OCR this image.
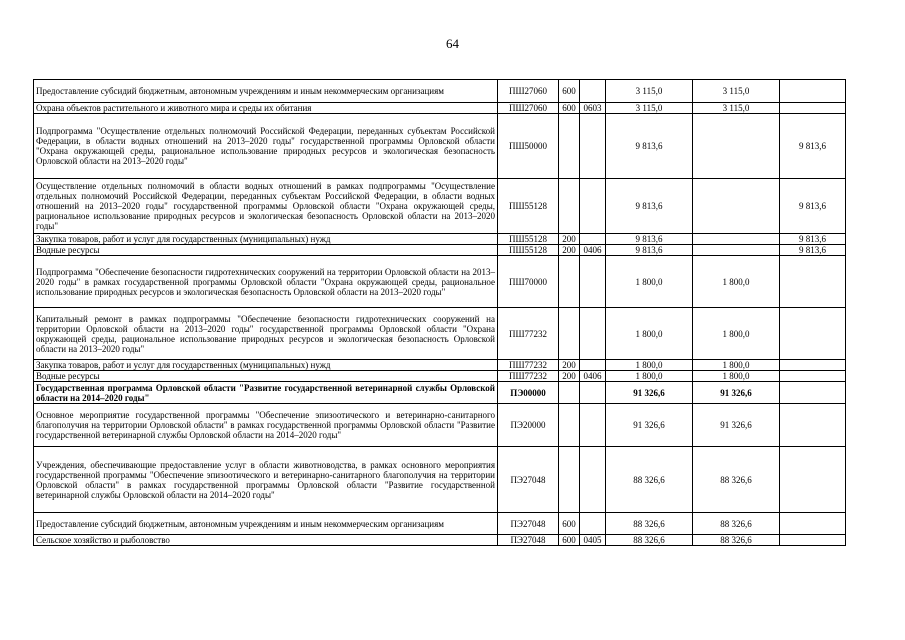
64
Предоставление субсидий бюджетным, автономным учреждениям и иным некоммерческим организациям	ПШ27060	600		3 115,0	3 115,0	
Охрана объектов растительного и животного мира и среды их обитания	ПШ27060	600	0603	3 115,0	3 115,0	
Подпрограмма "Осуществление отдельных полномочий Российской Федерации, переданных субъектам Российской Федерации, в области водных отношений на 2013–2020 годы" государственной программы Орловской области "Охрана окружающей среды, рациональное использование природных ресурсов и экологическая безопасность Орловской области на 2013–2020 годы"	ПШ50000			9 813,6		9 813,6
Осуществление отдельных полномочий в области водных отношений в рамках подпрограммы "Осуществление отдельных полномочий Российской Федерации, переданных субъектам Российской Федерации, в области водных отношений на 2013–2020 годы" государственной программы Орловской области "Охрана окружающей среды, рациональное использование природных ресурсов и экологическая безопасность Орловской области на 2013–2020 годы"	ПШ55128			9 813,6		9 813,6
Закупка товаров, работ и услуг для государственных (муниципальных) нужд	ПШ55128	200		9 813,6		9 813,6
Водные ресурсы	ПШ55128	200	0406	9 813,6		9 813,6
Подпрограмма "Обеспечение безопасности гидротехнических сооружений на территории Орловской области на 2013–2020 годы" в рамках государственной программы Орловской области "Охрана окружающей среды, рациональное использование природных ресурсов и экологическая безопасность Орловской области на 2013–2020 годы"	ПШ70000			1 800,0	1 800,0	
Капитальный ремонт в рамках подпрограммы "Обеспечение безопасности гидротехнических сооружений на территории Орловской области на 2013–2020 годы" государственной программы Орловской области "Охрана окружающей среды, рациональное использование природных ресурсов и экологическая безопасность Орловской области на 2013–2020 годы"	ПШ77232			1 800,0	1 800,0	
Закупка товаров, работ и услуг для государственных (муниципальных) нужд	ПШ77232	200		1 800,0	1 800,0	
Водные ресурсы	ПШ77232	200	0406	1 800,0	1 800,0	
Государственная программа Орловской области "Развитие государственной ветеринарной службы Орловской области на 2014–2020 годы"	ПЭ00000			91 326,6	91 326,6	
Основное мероприятие государственной программы "Обеспечение эпизоотического и ветеринарно-санитарного благополучия на территории Орловской области" в рамках государственной программы Орловской области "Развитие государственной ветеринарной службы Орловской области на 2014–2020 годы"	ПЭ20000			91 326,6	91 326,6	
Учреждения, обеспечивающие предоставление услуг в области животноводства, в рамках основного мероприятия государственной программы "Обеспечение эпизоотического и ветеринарно-санитарного благополучия на территории Орловской области" в рамках государственной программы Орловской области "Развитие государственной ветеринарной службы Орловской области на 2014–2020 годы"	ПЭ27048			88 326,6	88 326,6	
Предоставление субсидий бюджетным, автономным учреждениям и иным некоммерческим организациям	ПЭ27048	600		88 326,6	88 326,6	
Сельское хозяйство и рыболовство	ПЭ27048	600	0405	88 326,6	88 326,6	
